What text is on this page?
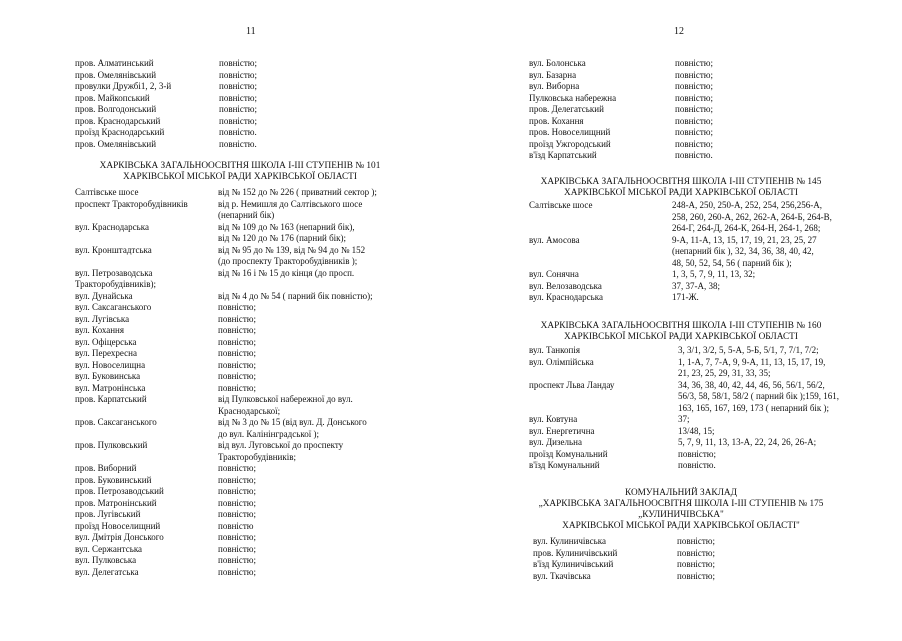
11
пров. Алматинський	повністю;
пров. Омелянівський	повністю;
провулки Дружбі1, 2, 3-й	повністю;
пров. Майкопський	повністю;
пров. Волгодонський	повністю;
пров. Краснодарський	повністю;
проїзд Краснодарський	повністю.
пров. Омелянівський	повністю.
ХАРКІВСЬКА ЗАГАЛЬНООСВІТНЯ ШКОЛА І-ІІІ СТУПЕНІВ № 101
ХАРКІВСЬКОЇ МІСЬКОЇ РАДИ ХАРКІВСЬКОЇ ОБЛАСТІ
Салтівське шосе	від № 152 до № 226 ( приватний сектор );
проспект Тракторобудівників	від р. Немишля до Салтівського шосе
(непарний бік)
вул. Краснодарська	від № 109 до № 163 (непарний бік),
від № 120 до № 176 (парний бік);
вул. Кронштадтська	від № 95 до № 139, від № 94 до № 152
(до проспекту Тракторобудівників );
вул. Петрозаводська	від № 16 і № 15 до кінця (до просп.
Тракторобудівників);
вул. Дунайська	від № 4 до № 54 ( парний бік повністю);
вул. Саксаганського	повністю;
вул. Лугівська	повністю;
вул. Кохання	повністю;
вул. Офіцерська	повністю;
вул. Перехресна	повністю;
вул. Новоселищна	повністю;
вул. Буковинська	повністю;
вул. Матронінська	повністю;
пров. Карпатський	від Пулковської набережної до вул.
Краснодарської;
пров. Саксаганського	від № 3 до № 15 (від вул. Д. Донського
до вул. Калінінградської );
пров. Пулковський	від вул. Луговської до проспекту
Тракторобудівників;
пров. Виборний	повністю;
пров. Буковинський	повністю;
пров. Петрозаводський	повністю;
пров. Матронінський	повністю;
пров. Лугівський	повністю;
проїзд Новоселищний	повністю
вул. Дмітрія Донського	повністю;
вул. Сержантська	повністю;
вул. Пулковська	повністю;
вул. Делегатська	повністю;
12
вул. Болонська	повністю;
вул. Базарна	повністю;
вул. Виборна	повністю;
Пулковська набережна	повністю;
пров. Делегатський	повністю;
пров. Кохання	повністю;
пров. Новоселищний	повністю;
проїзд Ужгородський	повністю;
в'їзд Карпатський	повністю.
ХАРКІВСЬКА ЗАГАЛЬНООСВІТНЯ ШКОЛА І-ІІІ СТУПЕНІВ № 145
ХАРКІВСЬКОЇ МІСЬКОЇ РАДИ ХАРКІВСЬКОЇ ОБЛАСТІ
Салтівське шосе	248-А, 250, 250-А, 252, 254, 256,256-А,
258, 260, 260-А, 262, 262-А, 264-Б, 264-В,
264-Г, 264-Д, 264-К, 264-Н, 264-1, 268;
вул. Амосова	9-А, 11-А, 13, 15, 17, 19, 21, 23, 25, 27
(непарний бік ), 32, 34, 36, 38, 40, 42,
48, 50, 52, 54, 56 ( парний бік );
вул. Сонячна	1, 3, 5, 7, 9, 11, 13, 32;
вул. Велозаводська	37, 37-А, 38;
вул. Краснодарська	171-Ж.
ХАРКІВСЬКА ЗАГАЛЬНООСВІТНЯ ШКОЛА І-ІІІ СТУПЕНІВ № 160
ХАРКІВСЬКОЇ МІСЬКОЇ РАДИ ХАРКІВСЬКОЇ ОБЛАСТІ
вул. Танкопія	3, 3/1, 3/2, 5, 5-А, 5-Б, 5/1, 7, 7/1, 7/2;
вул. Олімпійська	1, 1-А, 7, 7-А, 9, 9-А, 11, 13, 15, 17, 19,
21, 23, 25, 29, 31, 33, 35;
проспект Льва Ландау	34, 36, 38, 40, 42, 44, 46, 56, 56/1, 56/2,
56/3, 58, 58/1, 58/2 ( парний бік );159, 161,
163, 165, 167, 169, 173 ( непарний бік );
вул. Ковтуна	37;
вул. Енергетична	13/48, 15;
вул. Дизельна	5, 7, 9, 11, 13, 13-А, 22, 24, 26, 26-А;
проїзд Комунальний	повністю;
в'їзд Комунальний	повністю.
КОМУНАЛЬНИЙ ЗАКЛАД
„ХАРКІВСЬКА ЗАГАЛЬНООСВІТНЯ ШКОЛА І-ІІІ СТУПЕНІВ № 175
„КУЛИНИЧІВСЬКА"
ХАРКІВСЬКОЇ МІСЬКОЇ РАДИ ХАРКІВСЬКОЇ ОБЛАСТІ"
вул. Кулиничівська	повністю;
пров. Кулиничівський	повністю;
в'їзд Кулиничівський	повністю;
вул. Ткачівська	повністю;
